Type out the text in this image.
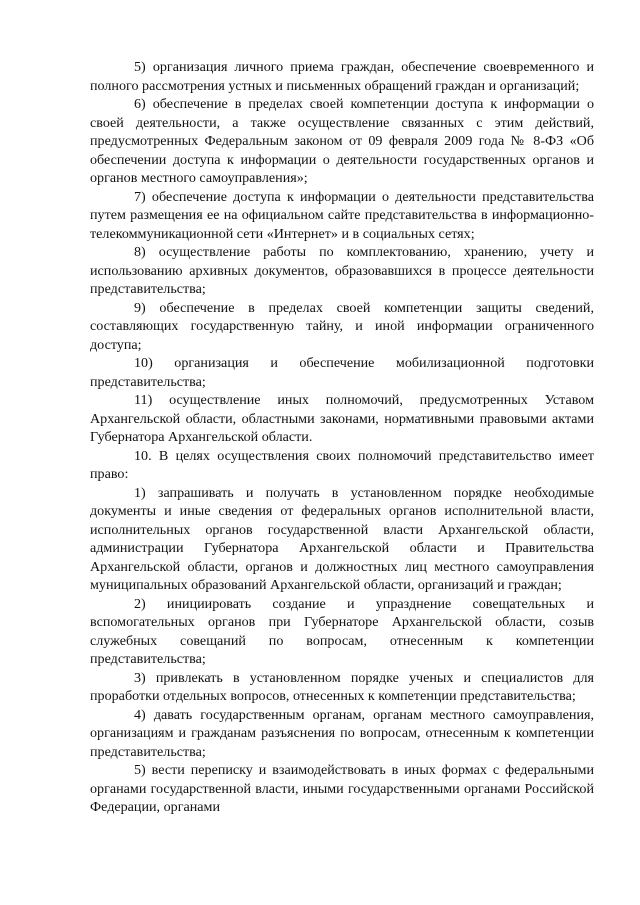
5) организация личного приема граждан, обеспечение своевременного и полного рассмотрения устных и письменных обращений граждан и организаций;

6) обеспечение в пределах своей компетенции доступа к информации о своей деятельности, а также осуществление связанных с этим действий, предусмотренных Федеральным законом от 09 февраля 2009 года № 8-ФЗ «Об обеспечении доступа к информации о деятельности государственных органов и органов местного самоуправления»;

7) обеспечение доступа к информации о деятельности представительства путем размещения ее на официальном сайте представительства в информационно-телекоммуникационной сети «Интернет» и в социальных сетях;

8) осуществление работы по комплектованию, хранению, учету и использованию архивных документов, образовавшихся в процессе деятельности представительства;

9) обеспечение в пределах своей компетенции защиты сведений, составляющих государственную тайну, и иной информации ограниченного доступа;

10) организация и обеспечение мобилизационной подготовки представительства;

11) осуществление иных полномочий, предусмотренных Уставом Архангельской области, областными законами, нормативными правовыми актами Губернатора Архангельской области.

10. В целях осуществления своих полномочий представительство имеет право:

1) запрашивать и получать в установленном порядке необходимые документы и иные сведения от федеральных органов исполнительной власти, исполнительных органов государственной власти Архангельской области, администрации Губернатора Архангельской области и Правительства Архангельской области, органов и должностных лиц местного самоуправления муниципальных образований Архангельской области, организаций и граждан;

2) инициировать создание и упразднение совещательных и вспомогательных органов при Губернаторе Архангельской области, созыв служебных совещаний по вопросам, отнесенным к компетенции представительства;

3) привлекать в установленном порядке ученых и специалистов для проработки отдельных вопросов, отнесенных к компетенции представительства;

4) давать государственным органам, органам местного самоуправления, организациям и гражданам разъяснения по вопросам, отнесенным к компетенции представительства;

5) вести переписку и взаимодействовать в иных формах с федеральными органами государственной власти, иными государственными органами Российской Федерации, органами
